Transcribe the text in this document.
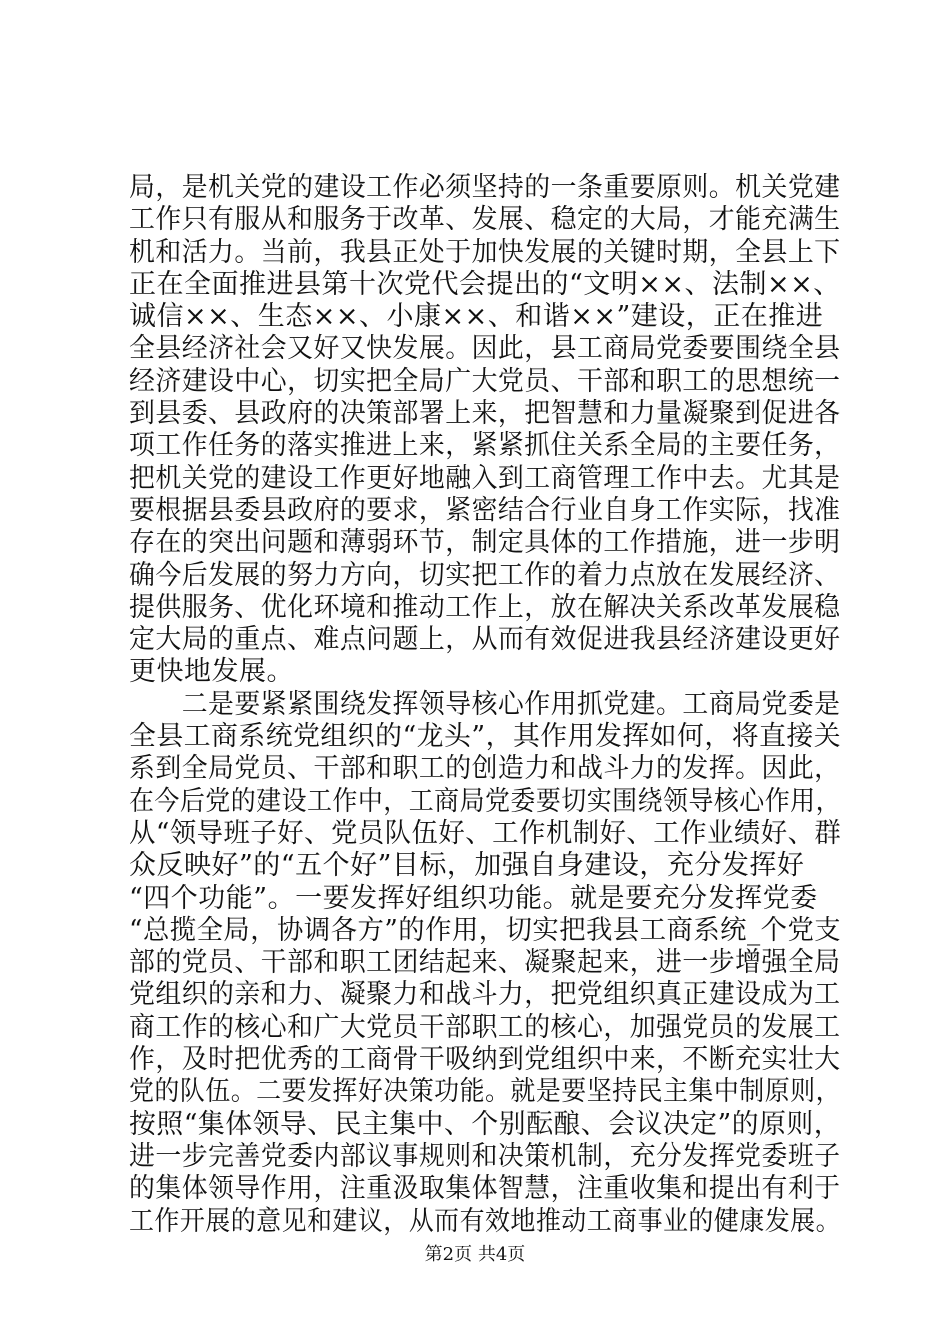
局，是机关党的建设工作必须坚持的一条重要原则。机关党建
工作只有服从和服务于改革、发展、稳定的大局，才能充满生
机和活力。当前，我县正处于加快发展的关键时期，全县上下
正在全面推进县第十次党代会提出的“文明××、法制××、
诚信××、生态××、小康××、和谐××”建设，正在推进
全县经济社会又好又快发展。因此，县工商局党委要围绕全县
经济建设中心，切实把全局广大党员、干部和职工的思想统一
到县委、县政府的决策部署上来，把智慧和力量凝聚到促进各
项工作任务的落实推进上来，紧紧抓住关系全局的主要任务，
把机关党的建设工作更好地融入到工商管理工作中去。尤其是
要根据县委县政府的要求，紧密结合行业自身工作实际，找准
存在的突出问题和薄弱环节，制定具体的工作措施，进一步明
确今后发展的努力方向，切实把工作的着力点放在发展经济、
提供服务、优化环境和推动工作上，放在解决关系改革发展稳
定大局的重点、难点问题上，从而有效促进我县经济建设更好
更快地发展。
　　二是要紧紧围绕发挥领导核心作用抓党建。工商局党委是
全县工商系统党组织的“龙头”，其作用发挥如何，将直接关
系到全局党员、干部和职工的创造力和战斗力的发挥。因此，
在今后党的建设工作中，工商局党委要切实围绕领导核心作用，
从“领导班子好、党员队伍好、工作机制好、工作业绩好、群
众反映好”的“五个好”目标，加强自身建设，充分发挥好
“四个功能”。一要发挥好组织功能。就是要充分发挥党委
“总揽全局，协调各方”的作用，切实把我县工商系统_个党支
部的党员、干部和职工团结起来、凝聚起来，进一步增强全局
党组织的亲和力、凝聚力和战斗力，把党组织真正建设成为工
商工作的核心和广大党员干部职工的核心，加强党员的发展工
作，及时把优秀的工商骨干吸纳到党组织中来，不断充实壮大
党的队伍。二要发挥好决策功能。就是要坚持民主集中制原则，
按照“集体领导、民主集中、个别酝酿、会议决定”的原则，
进一步完善党委内部议事规则和决策机制，充分发挥党委班子
的集体领导作用，注重汲取集体智慧，注重收集和提出有利于
工作开展的意见和建议，从而有效地推动工商事业的健康发展。
第2页 共4页
